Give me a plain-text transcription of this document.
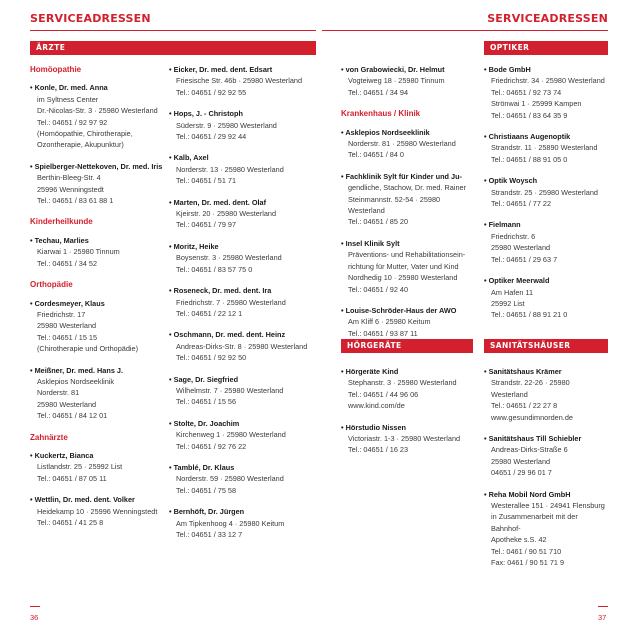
SERVICEADRESSEN	SERVICEADRESSEN
ÄRZTE	OPTIKER
HÖRGERÄTE	SANITÄTSHÄUSER
Homöopathie
• Konle, Dr. med. Anna
im Syltness Center
Dr.-Nicolas-Str. 3 · 25980 Westerland
Tel.: 04651 / 92 97 92
(Homöopathie, Chirotherapie,
Ozontherapie, Akupunktur)
• Spielberger-Nettekoven, Dr. med. Iris
Berthin-Bleeg-Str. 4
25996 Wenningstedt
Tel.: 04651 / 83 61 88 1
Kinderheilkunde
• Techau, Marlies
Kiarwai 1 · 25980 Tinnum
Tel.: 04651 / 34 52
Orthopädie
• Cordesmeyer, Klaus
Friedrichstr. 17
25980 Westerland
Tel.: 04651 / 15 15
(Chirotherapie und Orthopädie)
• Meißner, Dr. med. Hans J.
Asklepios Nordseeklinik
Norderstr. 81
25980 Westerland
Tel.: 04651 / 84 12 01
Zahnärzte
• Kuckertz, Bianca
Listlandstr. 25 · 25992 List
Tel.: 04651 / 87 05 11
• Wettlin, Dr. med. dent. Volker
Heidekamp 10 · 25996 Wenningstedt
Tel.: 04651 / 41 25 8
• Eicker, Dr. med. dent. Edsart
Friesische Str. 46b · 25980 Westerland
Tel.: 04651 / 92 92 55
• Hops, J. - Christoph
Süderstr. 9 · 25980 Westerland
Tel.: 04651 / 29 92 44
• Kalb, Axel
Norderstr. 13 · 25980 Westerland
Tel.: 04651 / 51 71
• Marten, Dr. med. dent. Olaf
Kjeirstr. 20 · 25980 Westerland
Tel.: 04651 / 79 97
• Moritz, Heike
Boysenstr. 3 · 25980 Westerland
Tel.: 04651 / 83 57 75 0
• Roseneck, Dr. med. dent. Ira
Friedrichstr. 7 · 25980 Westerland
Tel.: 04651 / 22 12 1
• Oschmann, Dr. med. dent. Heinz
Andreas-Dirks-Str. 8 · 25980 Westerland
Tel.: 04651 / 92 92 50
• Sage, Dr. Siegfried
Wilhelmstr. 7 · 25980 Westerland
Tel.: 04651 / 15 56
• Stolte, Dr. Joachim
Kirchenweg 1 · 25980 Westerland
Tel.: 04651 / 92 76 22
• Tamblé, Dr. Klaus
Norderstr. 59 · 25980 Westerland
Tel.: 04651 / 75 58
• Bernhöft, Dr. Jürgen
Am Tipkenhoog 4 · 25980 Keitum
Tel.: 04651 / 33 12 7
• von Grabowiecki, Dr. Helmut
Vogteiweg 18 · 25980 Tinnum
Tel.: 04651 / 34 94
Krankenhaus / Klinik
• Asklepios Nordseeklinik
Norderstr. 81 · 25980 Westerland
Tel.: 04651 / 84 0
• Fachklinik Sylt für Kinder und Ju-
gendliche, Stachow, Dr. med. Rainer
Steinmannstr. 52-54 · 25980 Westerland
Tel.: 04651 / 85 20
• Insel Klinik Sylt
Präventions- und Rehabilitationsein-
richtung für Mutter, Vater und Kind
Nordhedig 10 · 25980 Westerland
Tel.: 04651 / 92 40
• Louise-Schröder-Haus der AWO
Am Kliff 6 · 25980 Keitum
Tel.: 04651 / 93 87 11
• Hörgeräte Kind
Stephanstr. 3 · 25980 Westerland
Tel.: 04651 / 44 96 06
www.kind.com/de
• Hörstudio Nissen
Victoriastr. 1-3 · 25980 Westerland
Tel.: 04651 / 16 23
• Bode GmbH
Friedrichstr. 34 · 25980 Westerland
Tel.: 04651 / 92 73 74
Strönwai 1 · 25999 Kampen
Tel.: 04651 / 83 64 35 9
• Christiaans Augenoptik
Strandstr. 11 · 25890 Westerland
Tel.: 04651 / 88 91 05 0
• Optik Woysch
Strandstr. 25 · 25980 Westerland
Tel.: 04651 / 77 22
• Fielmann
Friedrichstr. 6
25980 Westerland
Tel.: 04651 / 29 63 7
• Optiker Meerwald
Am Hafen 11
25992 List
Tel.: 04651 / 88 91 21 0
• Sanitätshaus Krämer
Strandstr. 22-26 · 25980 Westerland
Tel.: 04651 / 22 27 8
www.gesundimnorden.de
• Sanitätshaus Till Schiebler
Andreas-Dirks-Straße 6
25980 Westerland
04651 / 29 96 01 7
• Reha Mobil Nord GmbH
Westerallee 151 · 24941 Flensburg
in Zusammenarbeit mit der Bahnhof-
Apotheke s.S. 42
Tel.: 0461 / 90 51 710
Fax: 0461 / 90 51 71 9
36	37
